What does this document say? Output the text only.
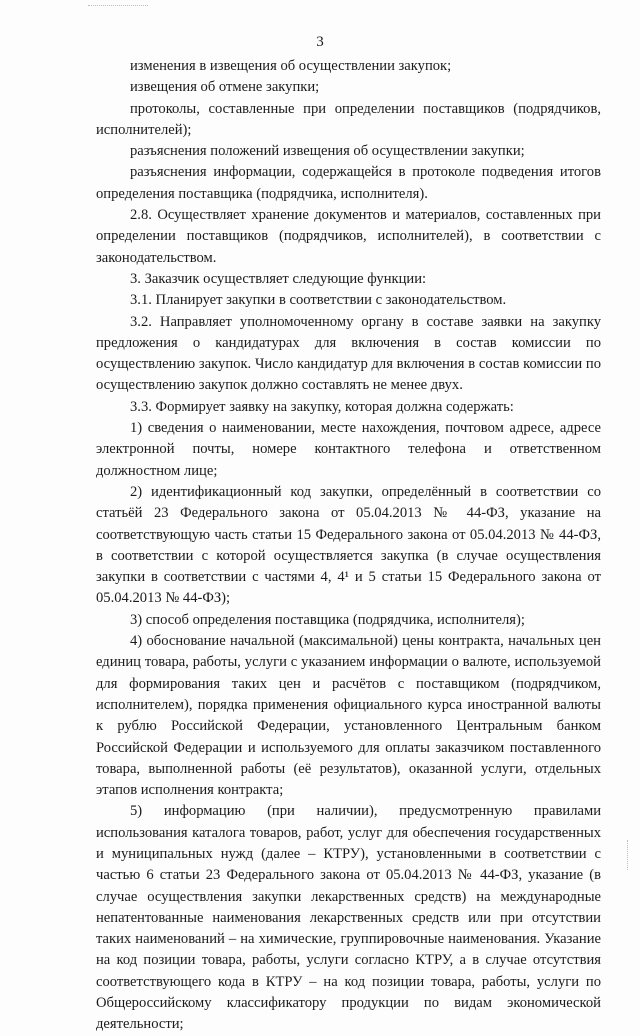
3

изменения в извещения об осуществлении закупок;

извещения об отмене закупки;

протоколы, составленные при определении поставщиков (подрядчиков, исполнителей);

разъяснения положений извещения об осуществлении закупки;

разъяснения информации, содержащейся в протоколе подведения итогов определения поставщика (подрядчика, исполнителя).

2.8. Осуществляет хранение документов и материалов, составленных при определении поставщиков (подрядчиков, исполнителей), в соответствии с законодательством.

3. Заказчик осуществляет следующие функции:

3.1. Планирует закупки в соответствии с законодательством.

3.2. Направляет уполномоченному органу в составе заявки на закупку предложения о кандидатурах для включения в состав комиссии по осуществлению закупок. Число кандидатур для включения в состав комиссии по осуществлению закупок должно составлять не менее двух.

3.3. Формирует заявку на закупку, которая должна содержать:

1) сведения о наименовании, месте нахождения, почтовом адресе, адресе электронной почты, номере контактного телефона и ответственном должностном лице;

2) идентификационный код закупки, определённый в соответствии со статьёй 23 Федерального закона от 05.04.2013 № 44-ФЗ, указание на соответствующую часть статьи 15 Федерального закона от 05.04.2013 № 44-ФЗ, в соответствии с которой осуществляется закупка (в случае осуществления закупки в соответствии с частями 4, 4¹ и 5 статьи 15 Федерального закона от 05.04.2013 № 44-ФЗ);

3) способ определения поставщика (подрядчика, исполнителя);

4) обоснование начальной (максимальной) цены контракта, начальных цен единиц товара, работы, услуги с указанием информации о валюте, используемой для формирования таких цен и расчётов с поставщиком (подрядчиком, исполнителем), порядка применения официального курса иностранной валюты к рублю Российской Федерации, установленного Центральным банком Российской Федерации и используемого для оплаты заказчиком поставленного товара, выполненной работы (её результатов), оказанной услуги, отдельных этапов исполнения контракта;

5) информацию (при наличии), предусмотренную правилами использования каталога товаров, работ, услуг для обеспечения государственных и муниципальных нужд (далее – КТРУ), установленными в соответствии с частью 6 статьи 23 Федерального закона от 05.04.2013 № 44-ФЗ, указание (в случае осуществления закупки лекарственных средств) на международные непатентованные наименования лекарственных средств или при отсутствии таких наименований – на химические, группировочные наименования. Указание на код позиции товара, работы, услуги согласно КТРУ, а в случае отсутствия соответствующего кода в КТРУ – на код позиции товара, работы, услуги по Общероссийскому классификатору продукции по видам экономической деятельности;
